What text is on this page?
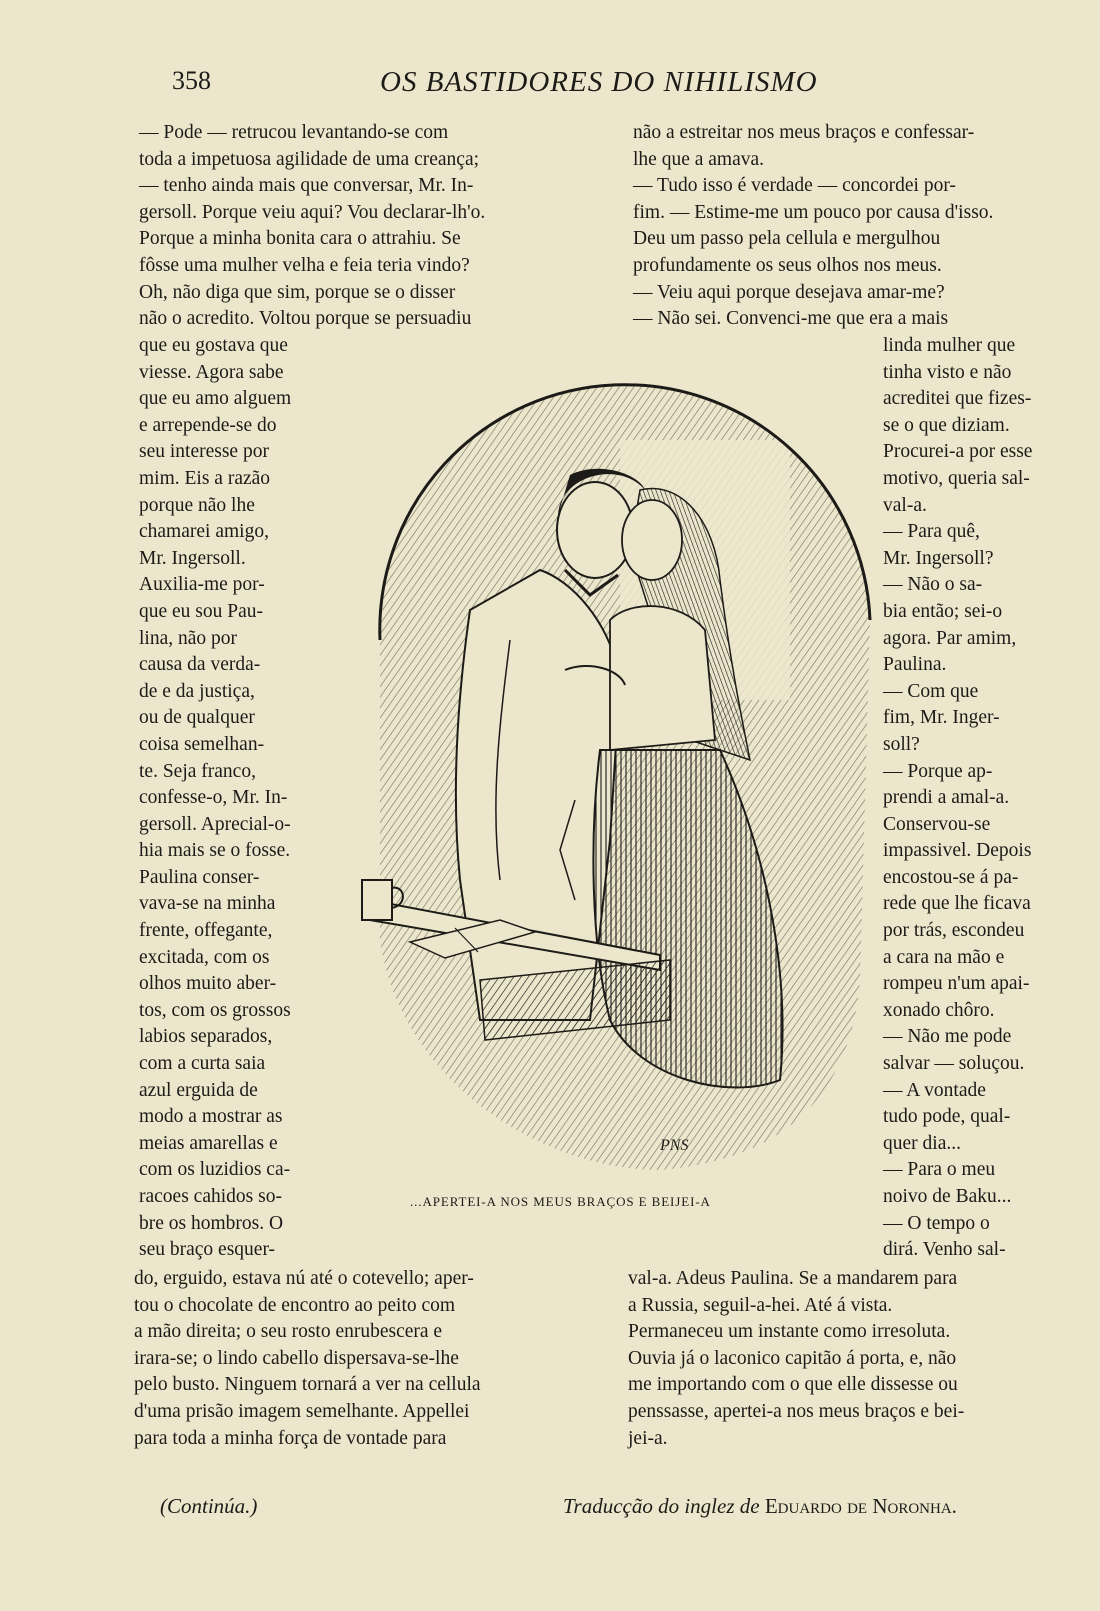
358	OS BASTIDORES DO NIHILISMO
— Pode — retrucou levantando-se com
toda a impetuosa agilidade de uma creança;
— tenho ainda mais que conversar, Mr. In-
gersoll. Porque veiu aqui? Vou declarar-lh'o.
Porque a minha bonita cara o attrahiu. Se
fôsse uma mulher velha e feia teria vindo?
Oh, não diga que sim, porque se o disser
não o acredito. Voltou porque se persuadiu
que eu gostava que
viesse. Agora sabe
que eu amo alguem
e arrepende-se do
seu interesse por
mim. Eis a razão
porque não lhe
chamarei amigo,
Mr. Ingersoll.
Auxilia-me por-
que eu sou Pau-
lina, não por
causa da verda-
de e da justiça,
ou de qualquer
coisa semelhan-
te. Seja franco,
confesse-o, Mr. In-
gersoll. Aprecial-o-
hia mais se o fosse.
Paulina conser-
vava-se na minha
frente, offegante,
excitada, com os
olhos muito aber-
tos, com os grossos
labios separados,
com a curta saia
azul erguida de
modo a mostrar as
meias amarellas e
com os luzidios ca-
racoes cahidos so-
bre os hombros. O
seu braço esquer-
do, erguido, estava nú até o cotevello; aper-
tou o chocolate de encontro ao peito com
a mão direita; o seu rosto enrubescera e
irara-se; o lindo cabello dispersava-se-lhe
pelo busto. Ninguem tornará a ver na cellula
d'uma prisão imagem semelhante. Appellei
para toda a minha força de vontade para
não a estreitar nos meus braços e confessar-
lhe que a amava.
— Tudo isso é verdade — concordei por-
fim. — Estime-me um pouco por causa d'isso.
Deu um passo pela cellula e mergulhou
profundamente os seus olhos nos meus.
— Veiu aqui porque desejava amar-me?
— Não sei. Convenci-me que era a mais
linda mulher que
tinha visto e não
acreditei que fizes-
se o que diziam.
Procurei-a por esse
motivo, queria sal-
val-a.
— Para quê,
Mr. Ingersoll?
— Não o sa-
bia então; sei-o
agora. Par amim,
Paulina.
— Com que
fim, Mr. Inger-
soll?
— Porque ap-
prendi a amal-a.
Conservou-se
impassivel. Depois
encostou-se á pa-
rede que lhe ficava
por trás, escondeu
a cara na mão e
rompeu n'um apai-
xonado chôro.
— Não me pode
salvar — soluçou.
— A vontade
tudo pode, qual-
quer dia...
— Para o meu
noivo de Baku...
— O tempo o
dirá. Venho sal-
val-a. Adeus Paulina. Se a mandarem para
a Russia, seguil-a-hei. Até á vista.
Permaneceu um instante como irresoluta.
Ouvia já o laconico capitão á porta, e, não
me importando com o que elle dissesse ou
penssasse, apertei-a nos meus braços e bei-
jei-a.
PNS
...APERTEI-A NOS MEUS BRAÇOS E BEIJEI-A
(Continúa.)	Traducção do inglez de Eduardo de Noronha.
